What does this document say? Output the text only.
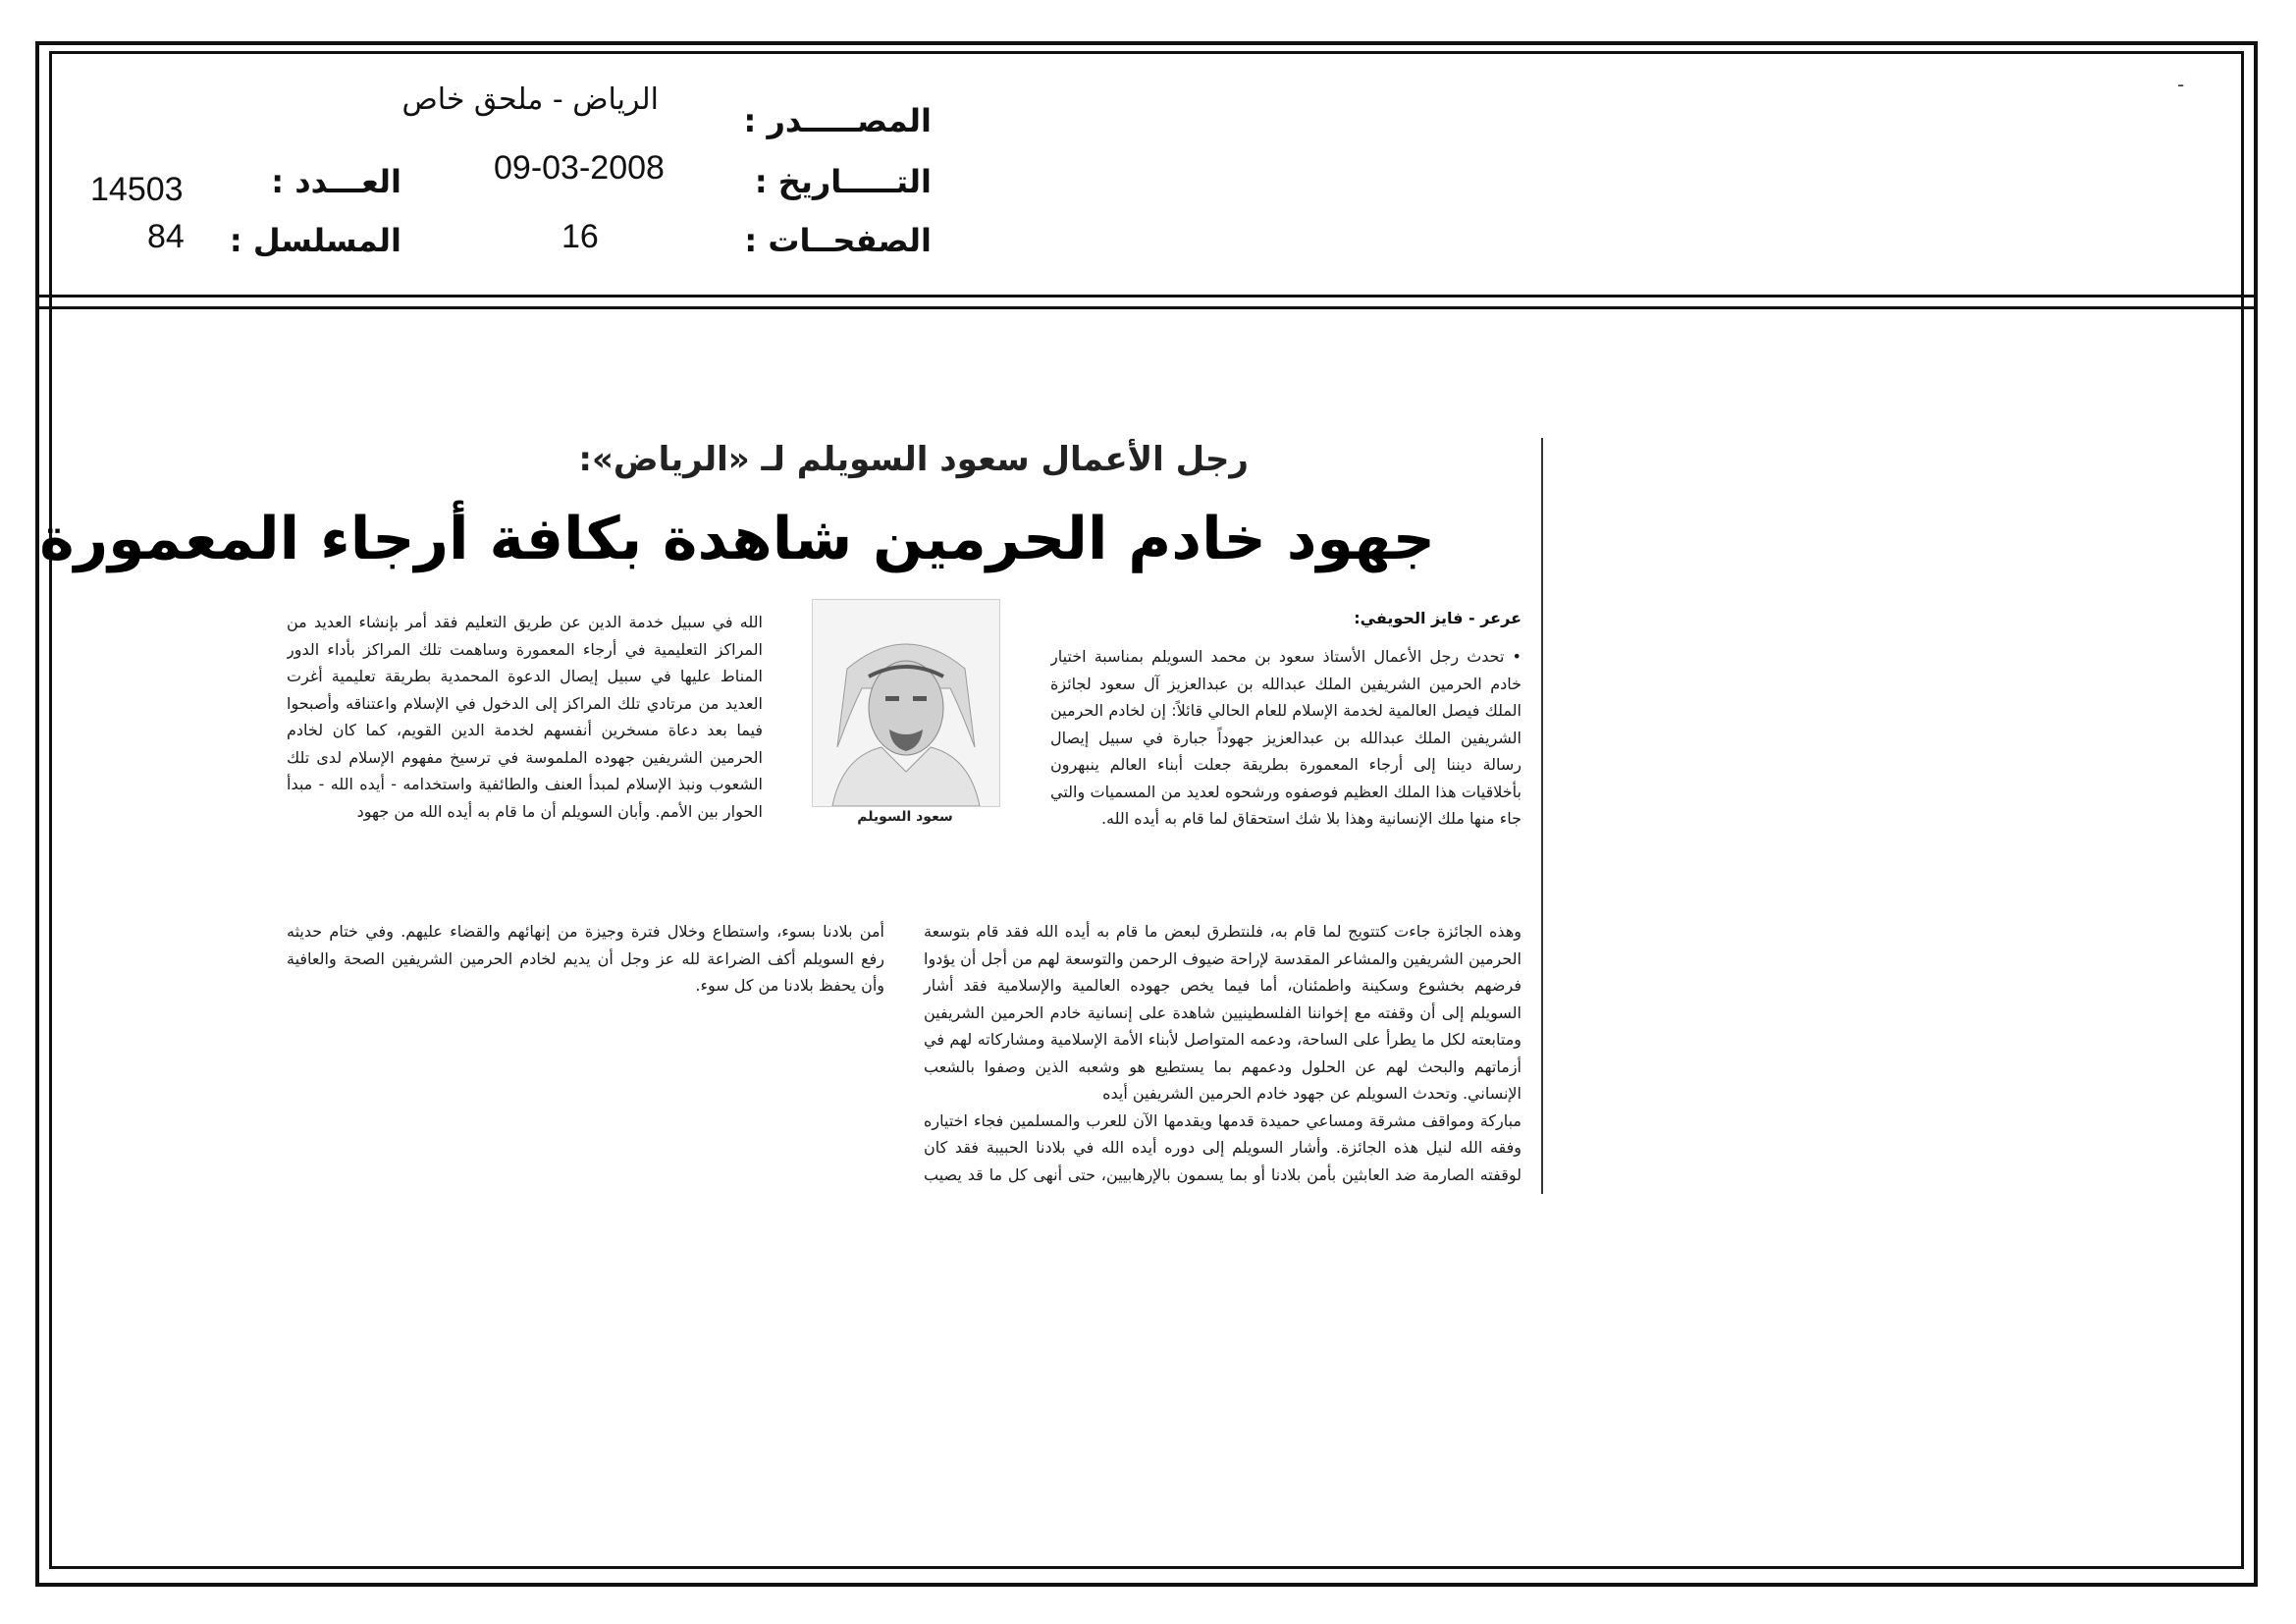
‑
المصـــــدر :
الرياض - ملحق خاص
التـــــاريخ :
09-03-2008
الصفحــات :
16
العـــدد :
14503
المسلسل :
84
رجل الأعمال سعود السويلم لـ «الرياض»:
جهود خادم الحرمين شاهدة بكافة أرجاء المعمورة
عرعر - فايز الحويفي:

• تحدث رجل الأعمال الأستاذ سعود بن محمد السويلم بمناسبة اختيار خادم الحرمين الشريفين الملك عبدالله بن عبدالعزيز آل سعود لجائزة الملك فيصل العالمية لخدمة الإسلام للعام الحالي قائلاً: إن لخادم الحرمين الشريفين الملك عبدالله بن عبدالعزيز جهوداً جبارة في سبيل إيصال رسالة ديننا إلى أرجاء المعمورة بطريقة جعلت أبناء العالم ينبهرون بأخلاقيات هذا الملك العظيم فوصفوه ورشحوه لعديد من المسميات والتي جاء منها ملك الإنسانية وهذا بلا شك استحقاق لما قام به أيده الله.

سعود السويلم

الله في سبيل خدمة الدين عن طريق التعليم فقد أمر بإنشاء العديد من المراكز التعليمية في أرجاء المعمورة وساهمت تلك المراكز بأداء الدور المناط عليها في سبيل إيصال الدعوة المحمدية بطريقة تعليمية أغرت العديد من مرتادي تلك المراكز إلى الدخول في الإسلام واعتناقه وأصبحوا فيما بعد دعاة مسخرين أنفسهم لخدمة الدين القويم، كما كان لخادم الحرمين الشريفين جهوده الملموسة في ترسيخ مفهوم الإسلام لدى تلك الشعوب ونبذ الإسلام لمبدأ العنف والطائفية واستخدامه - أيده الله - مبدأ الحوار بين الأمم. وأبان السويلم أن ما قام به أيده الله من جهود

وهذه الجائزة جاءت كتتويج لما قام به، فلنتطرق لبعض ما قام به أيده الله فقد قام بتوسعة الحرمين الشريفين والمشاعر المقدسة لإراحة ضيوف الرحمن والتوسعة لهم من أجل أن يؤدوا فرضهم بخشوع وسكينة واطمئنان، أما فيما يخص جهوده العالمية والإسلامية فقد أشار السويلم إلى أن وقفته مع إخواننا الفلسطينيين شاهدة على إنسانية خادم الحرمين الشريفين ومتابعته لكل ما يطرأ على الساحة، ودعمه المتواصل لأبناء الأمة الإسلامية ومشاركاته لهم في أزماتهم والبحث لهم عن الحلول ودعمهم بما يستطيع هو وشعبه الذين وصفوا بالشعب الإنساني. وتحدث السويلم عن جهود خادم الحرمين الشريفين أيده

مباركة ومواقف مشرقة ومساعي حميدة قدمها ويقدمها الآن للعرب والمسلمين فجاء اختياره وفقه الله لنيل هذه الجائزة. وأشار السويلم إلى دوره أيده الله في بلادنا الحبيبة فقد كان لوقفته الصارمة ضد العابثين بأمن بلادنا أو بما يسمون بالإرهابيين، حتى أنهى كل ما قد يصيب أمن بلادنا بسوء، واستطاع وخلال فترة وجيزة من إنهائهم والقضاء عليهم. وفي ختام حديثه رفع السويلم أكف الضراعة لله عز وجل أن يديم لخادم الحرمين الشريفين الصحة والعافية وأن يحفظ بلادنا من كل سوء.
